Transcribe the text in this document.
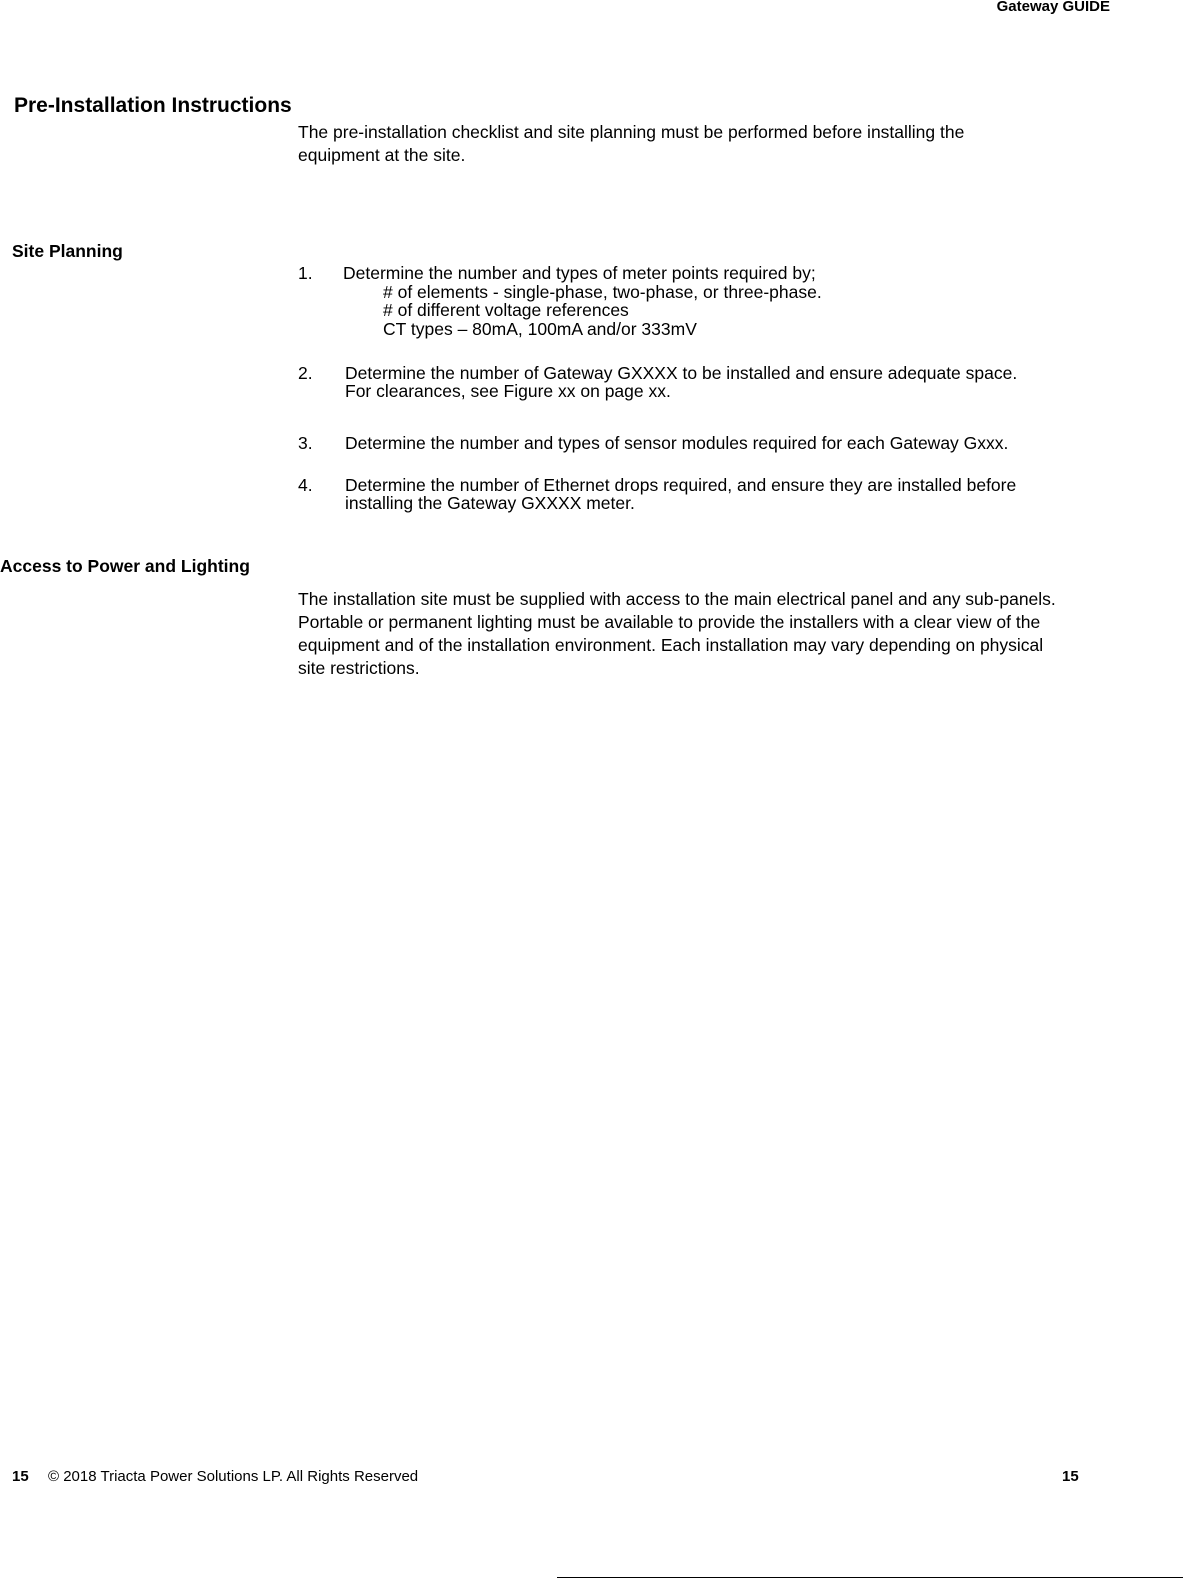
Gateway GUIDE
Pre-Installation Instructions
The pre-installation checklist and site planning must be performed before installing the equipment at the site.
Site Planning
1. Determine the number and types of meter points required by;
# of elements - single-phase, two-phase, or three-phase.
# of different voltage references
CT types – 80mA, 100mA and/or 333mV
2. Determine the number of Gateway GXXXX to be installed and ensure adequate space.
For clearances, see Figure xx on page xx.
3. Determine the number and types of sensor modules required for each Gateway Gxxx.
4. Determine the number of Ethernet drops required, and ensure they are installed before
installing the Gateway GXXXX meter.
Access to Power and Lighting
The installation site must be supplied with access to the main electrical panel and any sub-panels. Portable or permanent lighting must be available to provide the installers with a clear view of the equipment and of the installation environment. Each installation may vary depending on physical site restrictions.
15 © 2018 Triacta Power Solutions LP. All Rights Reserved	15
